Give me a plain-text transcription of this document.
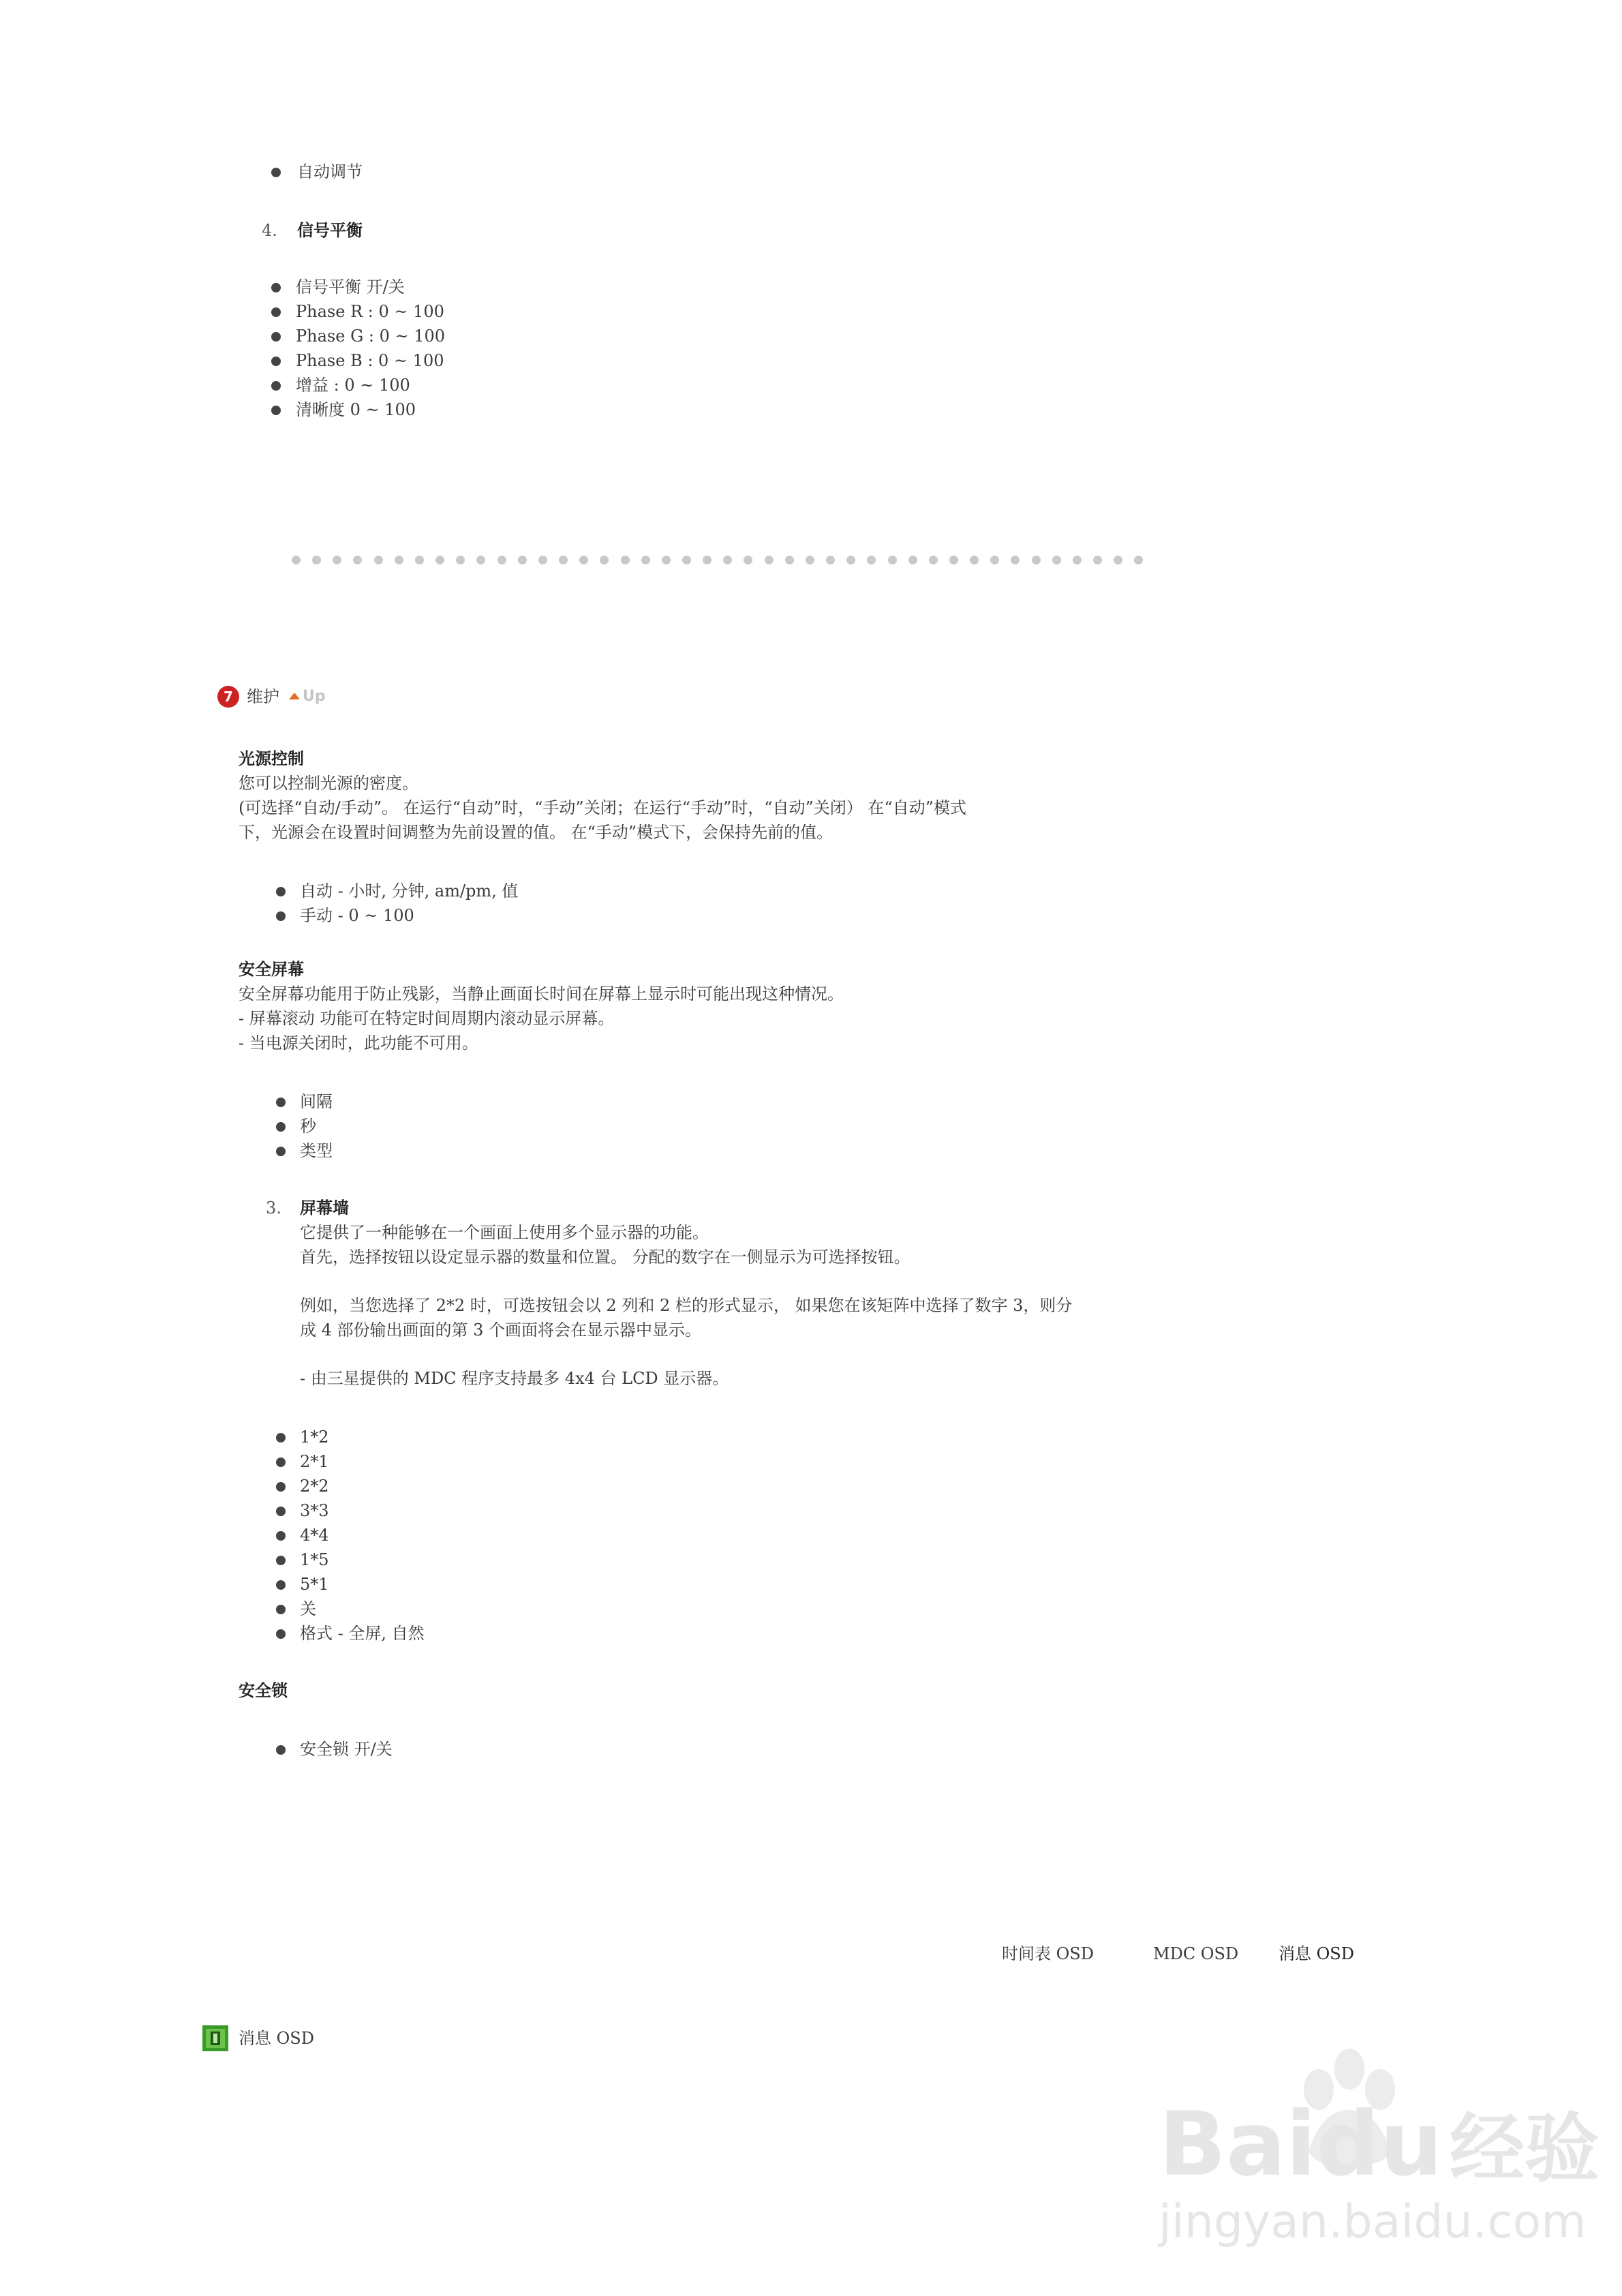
自动调节
4. 信号平衡
信号平衡 开/关
Phase R : 0 ~ 100
Phase G : 0 ~ 100
Phase B : 0 ~ 100
增益 : 0 ~ 100
清晰度 0 ~ 100
7 维护 Up
光源控制
您可以控制光源的密度。
(可选择“自动/手动”。 在运行“自动”时，“手动”关闭；在运行“手动”时，“自动”关闭） 在“自动”模式
下，光源会在设置时间调整为先前设置的值。 在“手动”模式下，会保持先前的值。
自动 - 小时, 分钟, am/pm, 值
手动 - 0 ~ 100
安全屏幕
安全屏幕功能用于防止残影，当静止画面长时间在屏幕上显示时可能出现这种情况。
- 屏幕滚动 功能可在特定时间周期内滚动显示屏幕。
- 当电源关闭时，此功能不可用。
间隔
秒
类型
3. 屏幕墙
它提供了一种能够在一个画面上使用多个显示器的功能。
首先，选择按钮以设定显示器的数量和位置。 分配的数字在一侧显示为可选择按钮。
例如，当您选择了 2*2 时，可选按钮会以 2 列和 2 栏的形式显示， 如果您在该矩阵中选择了数字 3，则分
成 4 部份输出画面的第 3 个画面将会在显示器中显示。
- 由三星提供的 MDC 程序支持最多 4x4 台 LCD 显示器。
1*2
2*1
2*2
3*3
4*4
1*5
5*1
关
格式 - 全屏, 自然
安全锁
安全锁 开/关
时间表 OSD	MDC OSD 消息 OSD
消息 OSD
Baidu经验
jingyan.baidu.com
